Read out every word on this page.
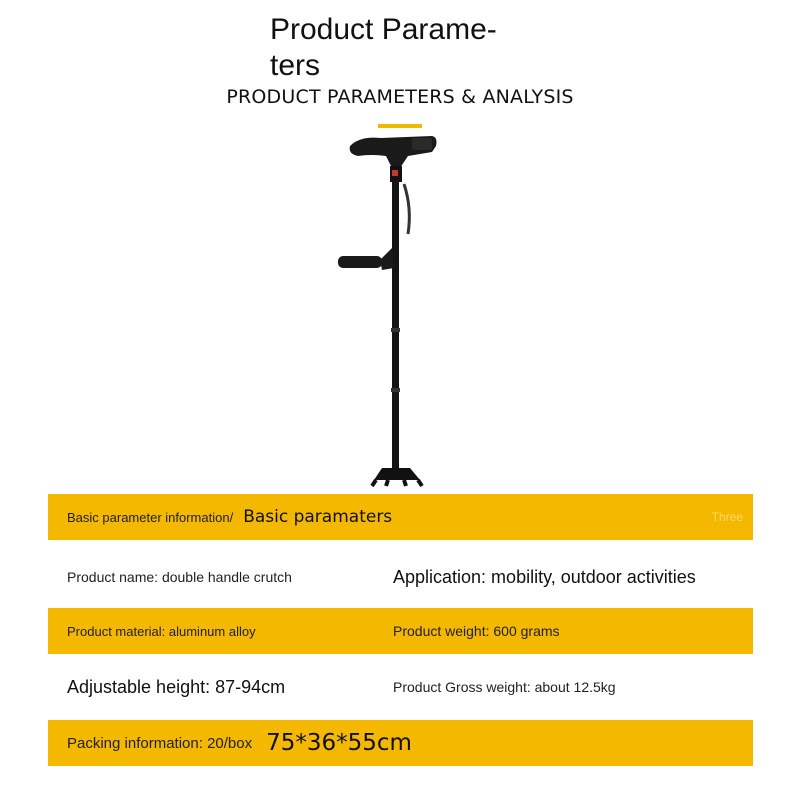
Product Parame-
ters
PRODUCT PARAMETERS & ANALYSIS
Basic parameter information/ Basic paramaters	Three
Product name: double handle crutch	Application: mobility, outdoor activities
Product material: aluminum alloy	Product weight: 600 grams
Adjustable height: 87-94cm	Product Gross weight: about 12.5kg
Packing information: 20/box 75*36*55cm
